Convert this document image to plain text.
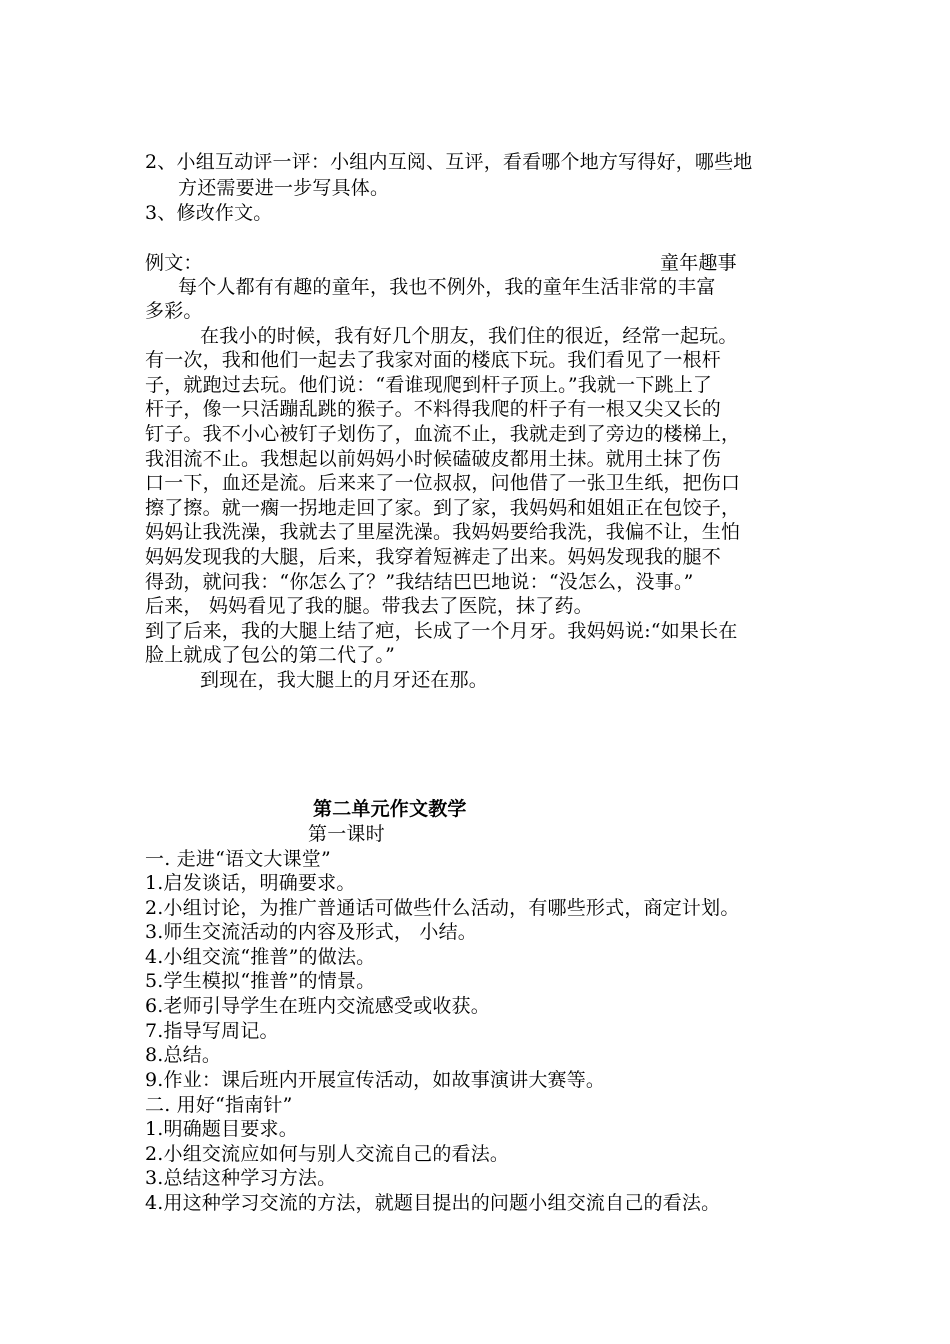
2、小组互动评一评：小组内互阅、互评，看看哪个地方写得好，哪些地
方还需要进一步写具体。
3、修改作文。
例文：	童年趣事
每个人都有有趣的童年，我也不例外，我的童年生活非常的丰富
多彩。
在我小的时候，我有好几个朋友，我们住的很近，经常一起玩。
有一次，我和他们一起去了我家对面的楼底下玩。我们看见了一根杆
子，就跑过去玩。他们说：“看谁现爬到杆子顶上。”我就一下跳上了
杆子，像一只活蹦乱跳的猴子。不料得我爬的杆子有一根又尖又长的
钉子。我不小心被钉子划伤了，血流不止，我就走到了旁边的楼梯上，
我泪流不止。我想起以前妈妈小时候磕破皮都用土抹。就用土抹了伤
口一下，血还是流。后来来了一位叔叔，问他借了一张卫生纸，把伤口
擦了擦。就一瘸一拐地走回了家。到了家，我妈妈和姐姐正在包饺子，
妈妈让我洗澡，我就去了里屋洗澡。我妈妈要给我洗，我偏不让，生怕
妈妈发现我的大腿，后来，我穿着短裤走了出来。妈妈发现我的腿不
得劲，就问我：“你怎么了？”我结结巴巴地说：“没怎么，没事。”
后来， 妈妈看见了我的腿。带我去了医院，抹了药。
到了后来，我的大腿上结了疤，长成了一个月牙。我妈妈说:“如果长在
脸上就成了包公的第二代了。”
到现在，我大腿上的月牙还在那。
第二单元作文教学
第一课时
一. 走进“语文大课堂”
1.启发谈话，明确要求。
2.小组讨论，为推广普通话可做些什么活动，有哪些形式，商定计划。
3.师生交流活动的内容及形式， 小结。
4.小组交流“推普”的做法。
5.学生模拟“推普”的情景。
6.老师引导学生在班内交流感受或收获。
7.指导写周记。
8.总结。
9.作业：课后班内开展宣传活动，如故事演讲大赛等。
二. 用好“指南针”
1.明确题目要求。
2.小组交流应如何与别人交流自己的看法。
3.总结这种学习方法。
4.用这种学习交流的方法，就题目提出的问题小组交流自己的看法。
